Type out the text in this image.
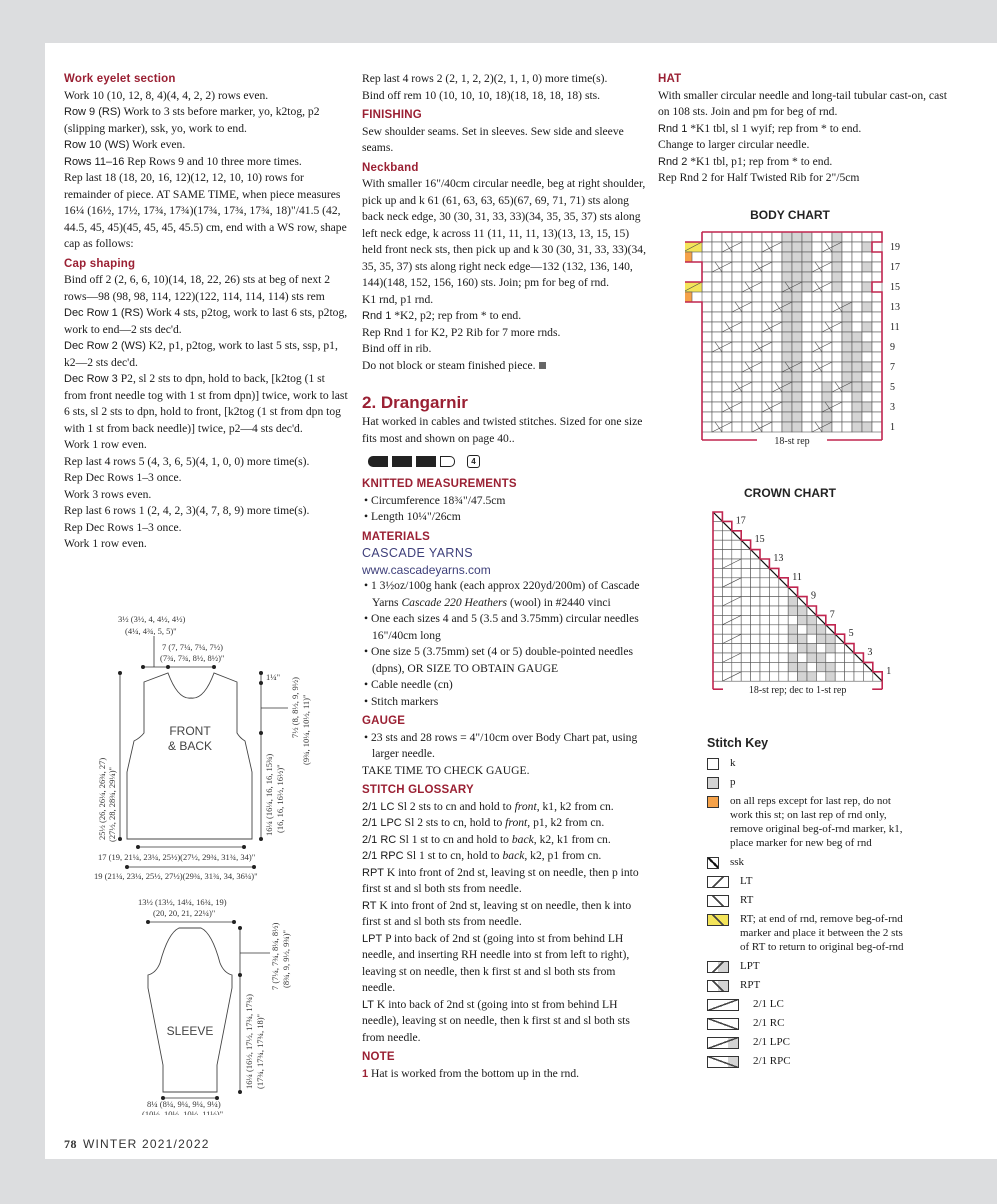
Work eyelet section

Work 10 (10, 12, 8, 4)(4, 4, 2, 2) rows even.

Row 9 (RS) Work to 3 sts before marker, yo, k2tog, p2 (slipping marker), ssk, yo, work to end.

Row 10 (WS) Work even.

Rows 11–16 Rep Rows 9 and 10 three more times.

Rep last 18 (18, 20, 16, 12)(12, 12, 10, 10) rows for remainder of piece. AT SAME TIME, when piece measures 16¼ (16½, 17½, 17¾, 17¾)(17¾, 17¾, 17¾, 18)"/41.5 (42, 44.5, 45, 45)(45, 45, 45, 45.5) cm, end with a WS row, shape cap as follows:

Cap shaping

Bind off 2 (2, 6, 6, 10)(14, 18, 22, 26) sts at beg of next 2 rows—98 (98, 98, 114, 122)(122, 114, 114, 114) sts rem

Dec Row 1 (RS) Work 4 sts, p2tog, work to last 6 sts, p2tog, work to end—2 sts dec'd.

Dec Row 2 (WS) K2, p1, p2tog, work to last 5 sts, ssp, p1, k2—2 sts dec'd.

Dec Row 3 P2, sl 2 sts to dpn, hold to back, [k2tog (1 st from front needle tog with 1 st from dpn)] twice, work to last 6 sts, sl 2 sts to dpn, hold to front, [k2tog (1 st from dpn tog with 1 st from back needle)] twice, p2—4 sts dec'd.

Work 1 row even.

Rep last 4 rows 5 (4, 3, 6, 5)(4, 1, 0, 0) more time(s).

Rep Dec Rows 1–3 once.

Work 3 rows even.

Rep last 6 rows 1 (2, 4, 2, 3)(4, 7, 8, 9) more time(s).

Rep Dec Rows 1–3 once.

Work 1 row even.

3½ (3½, 4, 4½, 4½)
(4¼, 4¾, 5, 5)"
7 (7, 7¼, 7¼, 7½)
(7¾, 7¾, 8½, 8½)"
FRONT
& BACK
25½ (26, 26¼, 26¾, 27) (27½, 28, 28¾, 29¼)"
1¼"
7½ (8, 8½, 9, 9½) (9¾, 10¼, 10½, 11)"
16¼ (16¼, 16, 16, 15¾) (16, 16, 16½, 16½)"
17 (19, 21¼, 23¼, 25½)(27½, 29¾, 31¾, 34)"
19 (21¼, 23¼, 25½, 27½)(29¾, 31¾, 34, 36¼)"
13½ (13½, 14¼, 16¾, 19)
(20, 20, 21, 22¼)"
SLEEVE
7 (7¼, 7¾, 8¼, 8½) (8¾, 9, 9½, 9¾)"
16¼ (16½, 17½, 17¾, 17¾) (17¾, 17¾, 17¾, 18)"
8¼ (8¼, 9¼, 9¼, 9¼)
(10½, 10½, 10½, 11½)"

Rep last 4 rows 2 (2, 1, 2, 2)(2, 1, 1, 0) more time(s).

Bind off rem 10 (10, 10, 10, 18)(18, 18, 18, 18) sts.

FINISHING

Sew shoulder seams. Set in sleeves. Sew side and sleeve seams.

Neckband

With smaller 16"/40cm circular needle, beg at right shoulder, pick up and k 61 (61, 63, 63, 65)(67, 69, 71, 71) sts along back neck edge, 30 (30, 31, 33, 33)(34, 35, 35, 37) sts along left neck edge, k across 11 (11, 11, 11, 13)(13, 13, 15, 15) held front neck sts, then pick up and k 30 (30, 31, 33, 33)(34, 35, 35, 37) sts along right neck edge—132 (132, 136, 140, 144)(148, 152, 156, 160) sts. Join; pm for beg of rnd.

K1 rnd, p1 rnd.

Rnd 1 *K2, p2; rep from * to end.

Rep Rnd 1 for K2, P2 Rib for 7 more rnds.

Bind off in rib.

Do not block or steam finished piece.

2. Drangarnir

Hat worked in cables and twisted stitches. Sized for one size fits most and shown on page 40..

4
KNITTED MEASUREMENTS
• Circumference 18¾"/47.5cm
• Length 10¼"/26cm
MATERIALS
CASCADE YARNS
www.cascadeyarns.com
• 1 3½oz/100g hank (each approx 220yd/200m) of Cascade Yarns Cascade 220 Heathers (wool) in #2440 vinci
• One each sizes 4 and 5 (3.5 and 3.75mm) circular needles 16"/40cm long
• One size 5 (3.75mm) set (4 or 5) double-pointed needles (dpns), OR SIZE TO OBTAIN GAUGE
• Cable needle (cn)
• Stitch markers
GAUGE
• 23 sts and 28 rows = 4"/10cm over Body Chart pat, using larger needle.

TAKE TIME TO CHECK GAUGE.

STITCH GLOSSARY

2/1 LC Sl 2 sts to cn and hold to front, k1, k2 from cn.

2/1 LPC Sl 2 sts to cn, hold to front, p1, k2 from cn.

2/1 RC Sl 1 st to cn and hold to back, k2, k1 from cn.

2/1 RPC Sl 1 st to cn, hold to back, k2, p1 from cn.

RPT K into front of 2nd st, leaving st on needle, then p into first st and sl both sts from needle.

RT K into front of 2nd st, leaving st on needle, then k into first st and sl both sts from needle.

LPT P into back of 2nd st (going into st from behind LH needle, and inserting RH needle into st from left to right), leaving st on needle, then k first st and sl both sts from needle.

LT K into back of 2nd st (going into st from behind LH needle), leaving st on needle, then k first st and sl both sts from needle.

NOTE

1 Hat is worked from the bottom up in the rnd.

HAT

With smaller circular needle and long-tail tubular cast-on, cast on 108 sts. Join and pm for beg of rnd.

Rnd 1 *K1 tbl, sl 1 wyif; rep from * to end.

Change to larger circular needle.

Rnd 2 *K1 tbl, p1; rep from * to end.

Rep Rnd 2 for Half Twisted Rib for 2"/5cm

BODY CHART
18-st rep
19
17
15
13
11
9
7
5
3
1
CROWN CHART
18-st rep; dec to 1-st rep
17
15
13
11
9
7
5
3
1
Stitch Key
k
p
on all reps except for last rep, do not work this st; on last rep of rnd only, remove original beg-of-rnd marker, k1, place marker for new beg of rnd
ssk
LT
RT
RT; at end of rnd, remove beg-of-rnd marker and place it between the 2 sts of RT to return to original beg-of-rnd
LPT
RPT
2/1 LC
2/1 RC
2/1 LPC
2/1 RPC
78 WINTER 2021/2022
